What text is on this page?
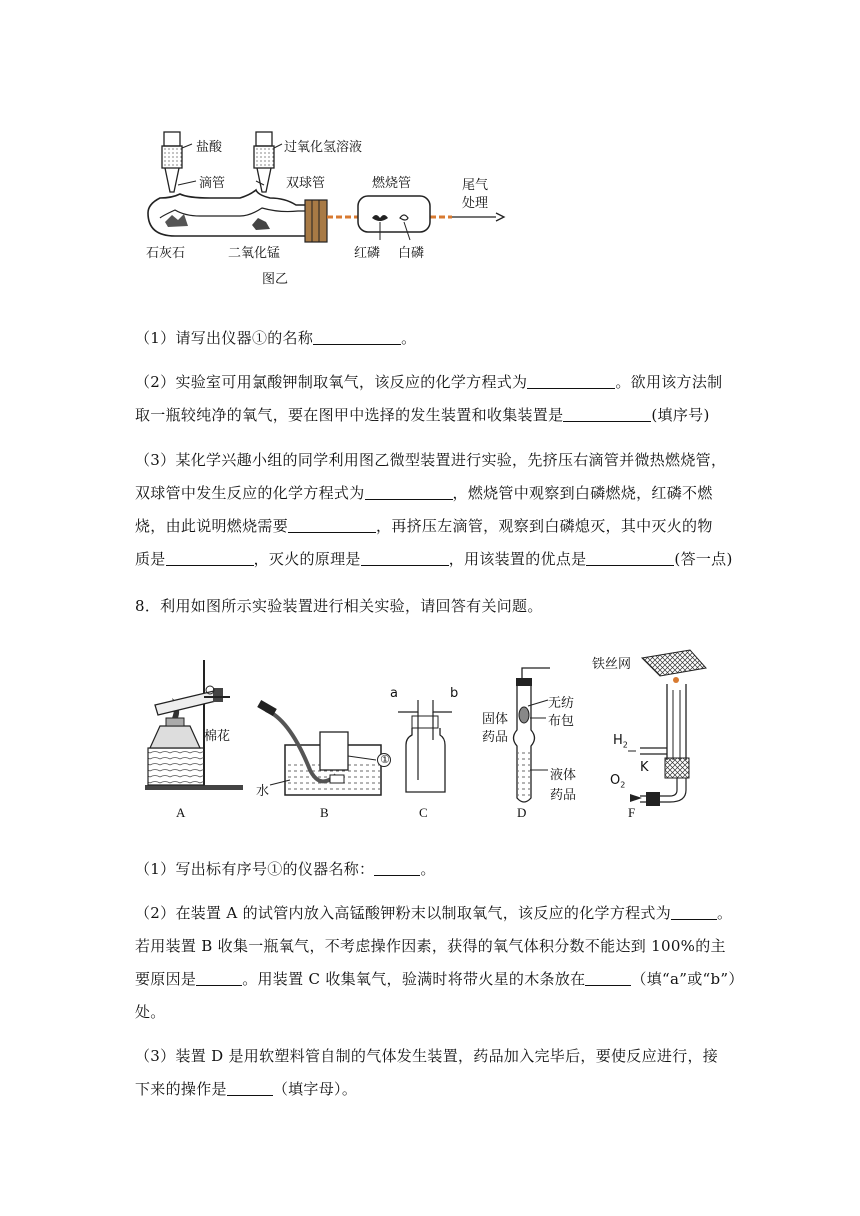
盐酸	过氧化氢溶液
滴管	双球管	燃烧管	尾气
处理
石灰石	二氧化锰	红磷 白磷
图乙
（1）请写出仪器①的名称	。
（2）实验室可用氯酸钾制取氧气，该反应的化学方程式为	。欲用该方法制
取一瓶较纯净的氧气，要在图甲中选择的发生装置和收集装置是	(填序号)
（3）某化学兴趣小组的同学利用图乙微型装置进行实验，先挤压右滴管并微热燃烧管，
双球管中发生反应的化学方程式为	，燃烧管中观察到白磷燃烧，红磷不燃
烧，由此说明燃烧需要	，再挤压左滴管，观察到白磷熄灭，其中灭火的物
质是	，灭火的原理是	，用该装置的优点是	(答一点)
8．利用如图所示实验装置进行相关实验，请回答有关问题。
棉花
水
①
a	b
无纺
布包
固体
药品
液体
药品
铁丝网
$H_2$
K
$O_2$
A	B	C	D	F
（1）写出标有序号①的仪器名称：	。
（2）在装置 A 的试管内放入高锰酸钾粉末以制取氧气，该反应的化学方程式为	。
若用装置 B 收集一瓶氧气，不考虑操作因素，获得的氧气体积分数不能达到 100%的主
要原因是	。用装置 C 收集氧气，验满时将带火星的木条放在	（填“a”或“b”）
处。
（3）装置 D 是用软塑料管自制的气体发生装置，药品加入完毕后，要使反应进行，接
下来的操作是	（填字母）。
